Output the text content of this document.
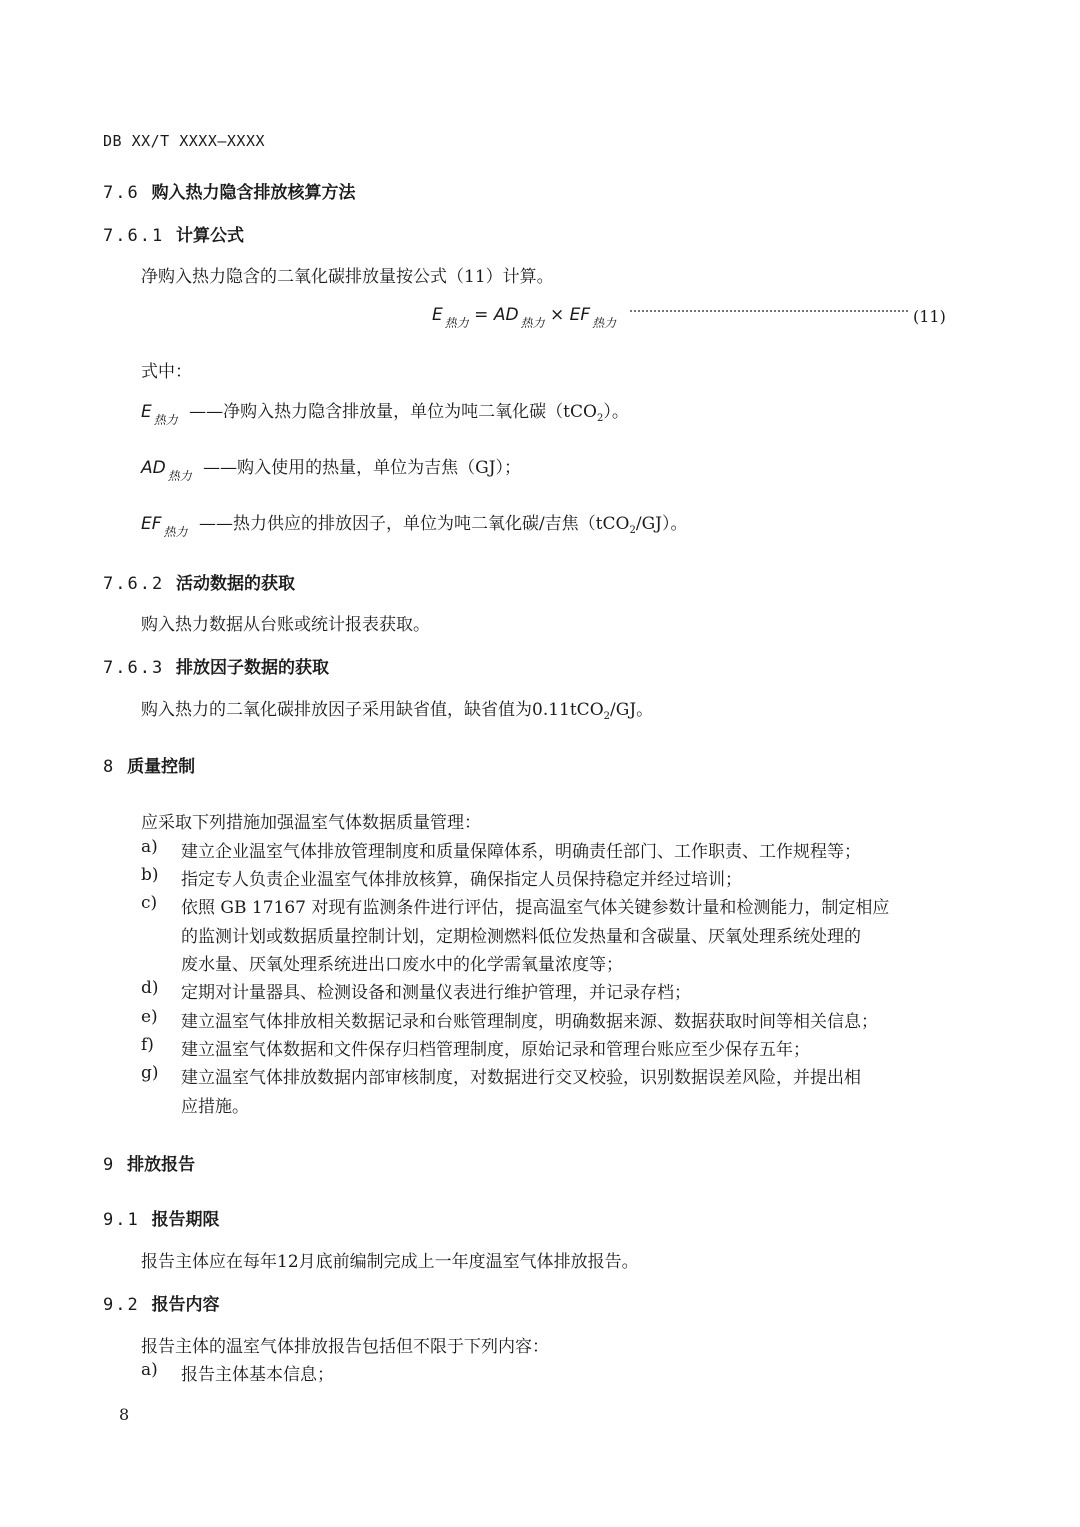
DB XX/T XXXX—XXXX
7.6 购入热力隐含排放核算方法
7.6.1 计算公式
净购入热力隐含的二氧化碳排放量按公式（11）计算。
E $_{热力}$ = AD $_{热力}$ × EF $_{热力}$	(11)
式中：
E $_{热力}$ ——净购入热力隐含排放量，单位为吨二氧化碳（tCO$_2$）。
AD $_{热力}$ ——购入使用的热量，单位为吉焦（GJ）；
EF $_{热力}$ ——热力供应的排放因子，单位为吨二氧化碳/吉焦（tCO$_2$/GJ）。
7.6.2 活动数据的获取
购入热力数据从台账或统计报表获取。
7.6.3 排放因子数据的获取
购入热力的二氧化碳排放因子采用缺省值，缺省值为0.11tCO$_2$/GJ。
8 质量控制
应采取下列措施加强温室气体数据质量管理：
a) 建立企业温室气体排放管理制度和质量保障体系，明确责任部门、工作职责、工作规程等；
b) 指定专人负责企业温室气体排放核算，确保指定人员保持稳定并经过培训；
c) 依照 GB 17167 对现有监测条件进行评估，提高温室气体关键参数计量和检测能力，制定相应
的监测计划或数据质量控制计划，定期检测燃料低位发热量和含碳量、厌氧处理系统处理的
废水量、厌氧处理系统进出口废水中的化学需氧量浓度等；
d) 定期对计量器具、检测设备和测量仪表进行维护管理，并记录存档；
e) 建立温室气体排放相关数据记录和台账管理制度，明确数据来源、数据获取时间等相关信息；
f) 建立温室气体数据和文件保存归档管理制度，原始记录和管理台账应至少保存五年；
g) 建立温室气体排放数据内部审核制度，对数据进行交叉校验，识别数据误差风险，并提出相
应措施。
9 排放报告
9.1 报告期限
报告主体应在每年12月底前编制完成上一年度温室气体排放报告。
9.2 报告内容
报告主体的温室气体排放报告包括但不限于下列内容：
a) 报告主体基本信息；
8
